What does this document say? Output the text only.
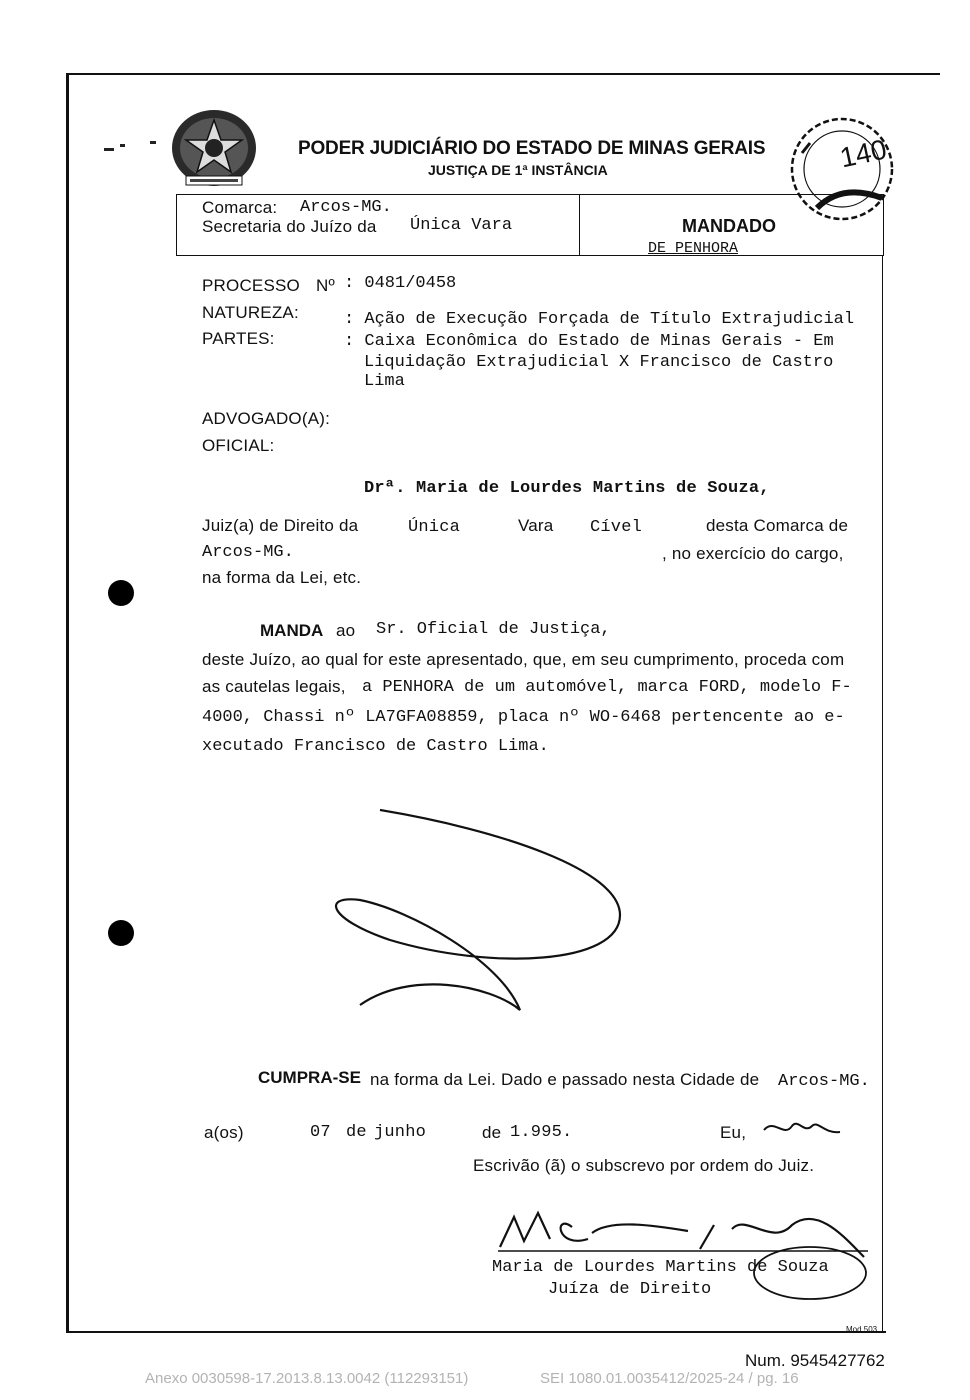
PODER JUDICIÁRIO DO ESTADO DE MINAS GERAIS
JUSTIÇA DE 1ª INSTÂNCIA	140
Comarca: Arcos-MG.
Secretaria do Juízo da Única Vara	MANDADO
DE PENHORA
PROCESSO Nº : 0481/0458
NATUREZA:	: Ação de Execução Forçada de Título Extrajudicial
PARTES:	: Caixa Econômica do Estado de Minas Gerais - Em
Liquidação Extrajudicial X Francisco de Castro
Lima
ADVOGADO(A):
OFICIAL:
Drª. Maria de Lourdes Martins de Souza,
Juiz(a) de Direito da	Única	Vara Cível	desta Comarca de
Arcos-MG.	, no exercício do cargo,
na forma da Lei, etc.
MANDA ao Sr. Oficial de Justiça,
deste Juízo, ao qual for este apresentado, que, em seu cumprimento, proceda com
as cautelas legais, a PENHORA de um automóvel, marca FORD, modelo F-
4000, Chassi nº LA7GFA08859, placa nº WO-6468 pertencente ao e-
xecutado Francisco de Castro Lima.
CUMPRA-SE na forma da Lei. Dado e passado nesta Cidade de Arcos-MG.
a(os)	07 de junho	de 1.995.	Eu,
Escrivão (ã) o subscrevo por ordem do Juiz.
Maria de Lourdes Martins de Souza
Juíza de Direito
Mod 503
Num. 9545427762
Anexo 0030598-17.2013.8.13.0042 (112293151)	SEI 1080.01.0035412/2025-24 / pg. 16
